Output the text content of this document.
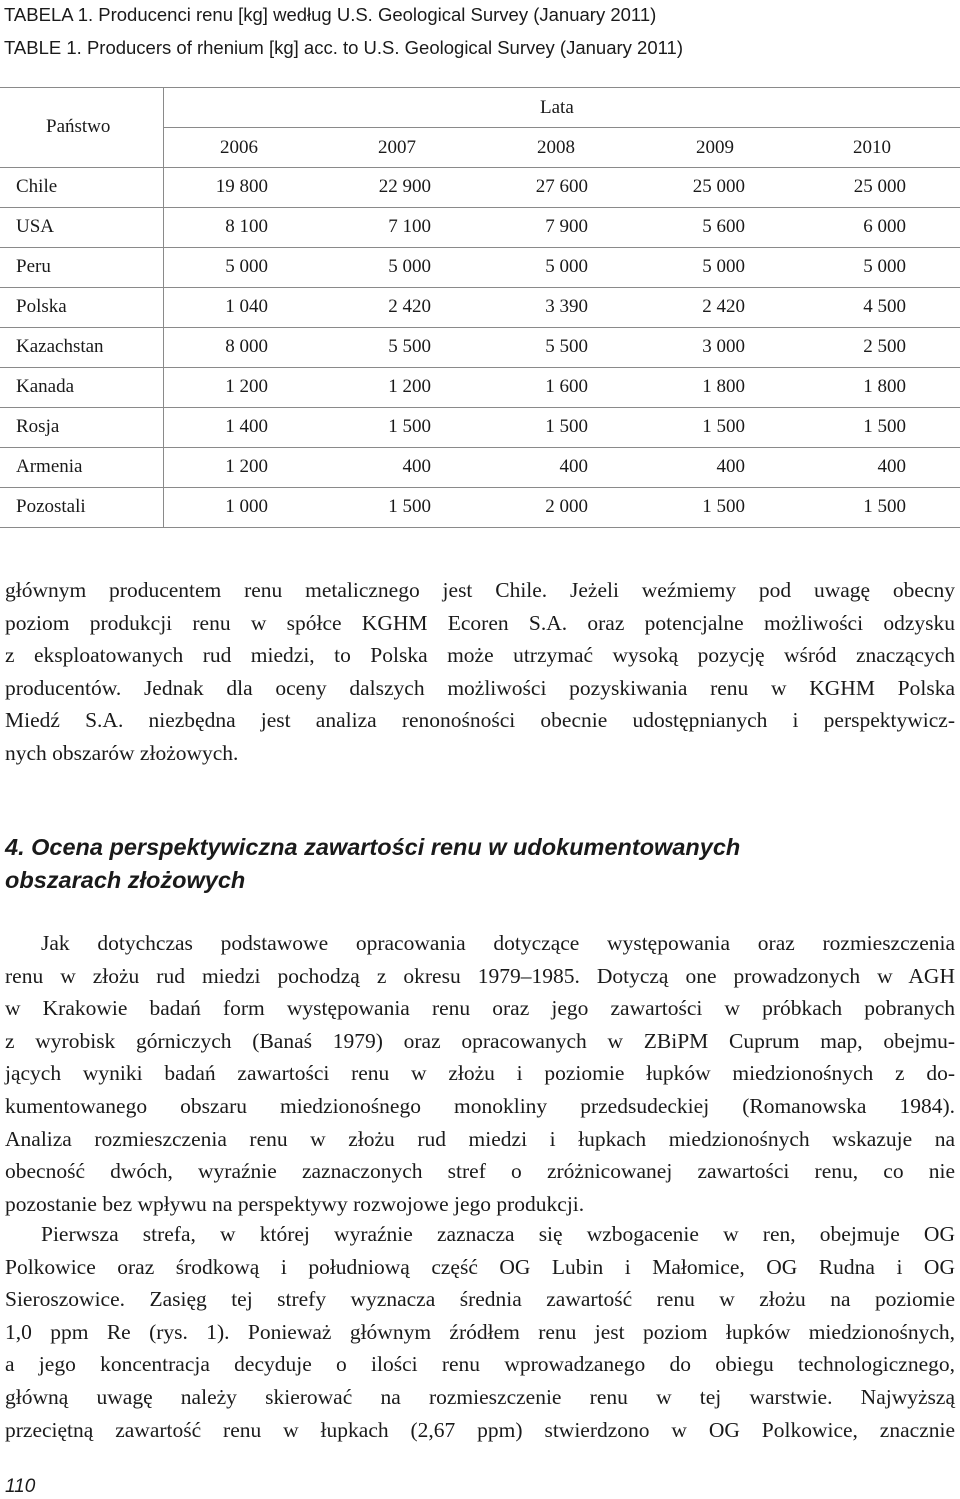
TABELA 1. Producenci renu [kg] według U.S. Geological Survey (January 2011)
TABLE 1. Producers of rhenium [kg] acc. to U.S. Geological Survey (January 2011)
Państwo
Lata
2006	2007	2008	2009	2010
Chile	19 800	22 900	27 600	25 000	25 000
USA	8 100	7 100	7 900	5 600	6 000
Peru	5 000	5 000	5 000	5 000	5 000
Polska	1 040	2 420	3 390	2 420	4 500
Kazachstan	8 000	5 500	5 500	3 000	2 500
Kanada	1 200	1 200	1 600	1 800	1 800
Rosja	1 400	1 500	1 500	1 500	1 500
Armenia	1 200	400	400	400	400
Pozostali	1 000	1 500	2 000	1 500	1 500
głównym producentem renu metalicznego jest Chile. Jeżeli weźmiemy pod uwagę obecny
poziom produkcji renu w spółce KGHM Ecoren S.A. oraz potencjalne możliwości odzysku
z eksploatowanych rud miedzi, to Polska może utrzymać wysoką pozycję wśród znaczących
producentów. Jednak dla oceny dalszych możliwości pozyskiwania renu w KGHM Polska
Miedź S.A. niezbędna jest analiza renonośności obecnie udostępnianych i perspektywicz-
nych obszarów złożowych.
4. Ocena perspektywiczna zawartości renu w udokumentowanych
obszarach złożowych
Jak dotychczas podstawowe opracowania dotyczące występowania oraz rozmieszczenia
renu w złożu rud miedzi pochodzą z okresu 1979–1985. Dotyczą one prowadzonych w AGH
w Krakowie badań form występowania renu oraz jego zawartości w próbkach pobranych
z wyrobisk górniczych (Banaś 1979) oraz opracowanych w ZBiPM Cuprum map, obejmu-
jących wyniki badań zawartości renu w złożu i poziomie łupków miedzionośnych z do-
kumentowanego obszaru miedzionośnego monokliny przedsudeckiej (Romanowska 1984).
Analiza rozmieszczenia renu w złożu rud miedzi i łupkach miedzionośnych wskazuje na
obecność dwóch, wyraźnie zaznaczonych stref o zróżnicowanej zawartości renu, co nie
pozostanie bez wpływu na perspektywy rozwojowe jego produkcji.
Pierwsza strefa, w której wyraźnie zaznacza się wzbogacenie w ren, obejmuje OG
Polkowice oraz środkową i południową część OG Lubin i Małomice, OG Rudna i OG
Sieroszowice. Zasięg tej strefy wyznacza średnia zawartość renu w złożu na poziomie
1,0 ppm Re (rys. 1). Ponieważ głównym źródłem renu jest poziom łupków miedzionośnych,
a jego koncentracja decyduje o ilości renu wprowadzanego do obiegu technologicznego,
główną uwagę należy skierować na rozmieszczenie renu w tej warstwie. Najwyższą
przeciętną zawartość renu w łupkach (2,67 ppm) stwierdzono w OG Polkowice, znacznie
110
